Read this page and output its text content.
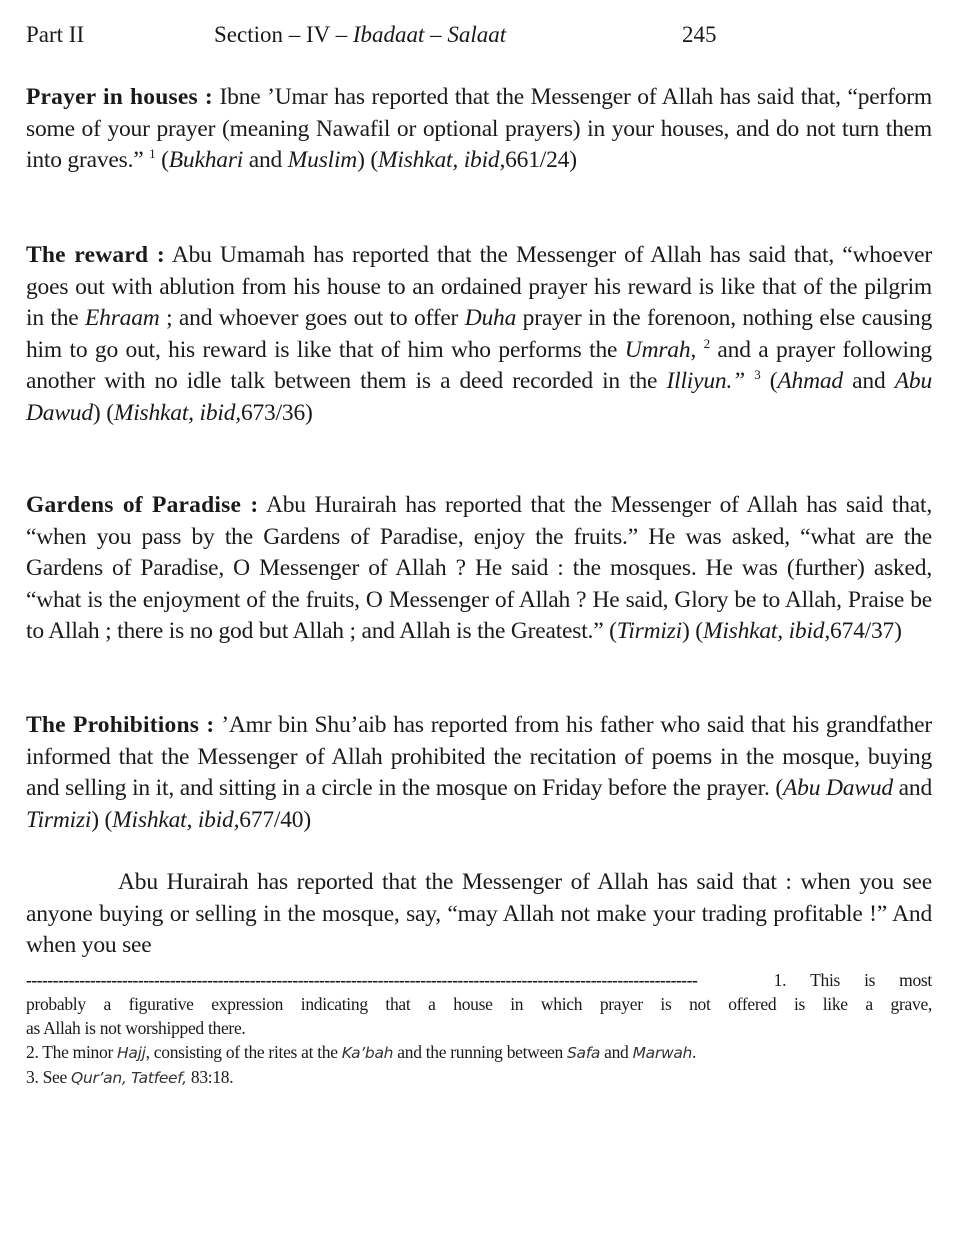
Part II	Section – IV – Ibadaat – Salaat	245

Prayer in houses : Ibne ’Umar has reported that the Messenger of Allah has said that, “perform some of your prayer (meaning Nawafil or optional prayers) in your houses, and do not turn them into graves.” $^1$ (Bukhari and Muslim) (Mishkat, ibid,661/24)

The reward : Abu Umamah has reported that the Messenger of Allah has said that, “whoever goes out with ablution from his house to an ordained prayer his reward is like that of the pilgrim in the Ehraam ; and whoever goes out to offer Duha prayer in the forenoon, nothing else causing him to go out, his reward is like that of him who performs the Umrah, $^2$ and a prayer following another with no idle talk between them is a deed recorded in the Illiyun.” $^3$ (Ahmad and Abu Dawud) (Mishkat, ibid,673/36)

Gardens of Paradise : Abu Hurairah has reported that the Messenger of Allah has said that, “when you pass by the Gardens of Paradise, enjoy the fruits.” He was asked, “what are the Gardens of Paradise, O Messenger of Allah ? He said : the mosques. He was (further) asked, “what is the enjoyment of the fruits, O Messenger of Allah ? He said, Glory be to Allah, Praise be to Allah ; there is no god but Allah ; and Allah is the Greatest.” (Tirmizi) (Mishkat, ibid,674/37)

The Prohibitions : ’Amr bin Shu’aib has reported from his father who said that his grandfather informed that the Messenger of Allah prohibited the recitation of poems in the mosque, buying and selling in it, and sitting in a circle in the mosque on Friday before the prayer. (Abu Dawud and Tirmizi) (Mishkat, ibid,677/40)

Abu Hurairah has reported that the Messenger of Allah has said that : when you see anyone buying or selling in the mosque, say, “may Allah not make your trading profitable !” And when you see

------------------------------------------------------------------------------------------------------------------------------	1. This is most
probably a figurative expression indicating that a house in which prayer is not offered is like a grave,
as Allah is not worshipped there.
2. The minor Hajj, consisting of the rites at the Ka’bah and the running between Safa and Marwah.
3. See Qur’an, Tatfeef, 83:18.
